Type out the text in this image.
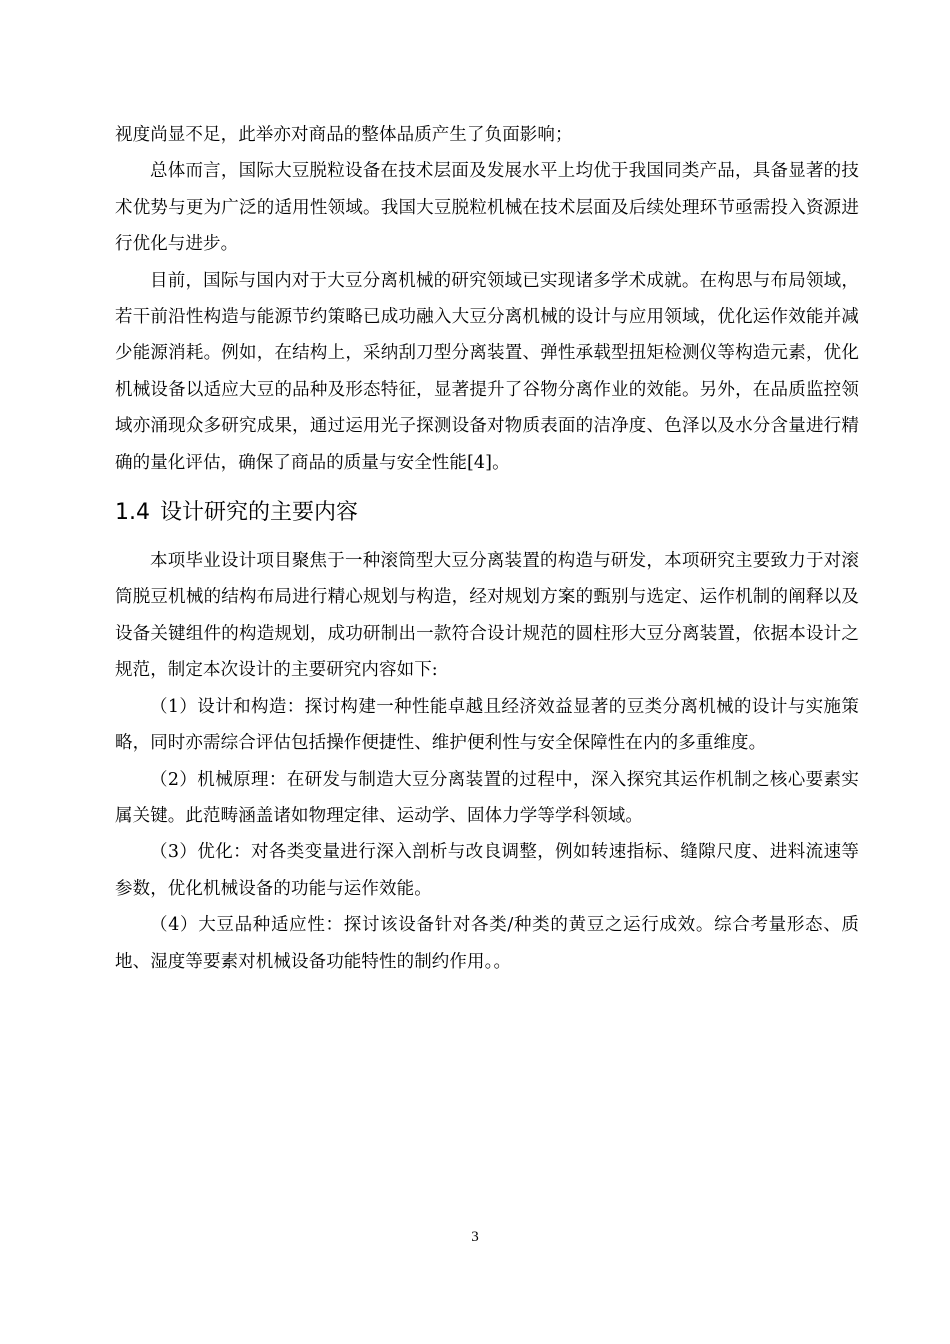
视度尚显不足，此举亦对商品的整体品质产生了负面影响；

总体而言，国际大豆脱粒设备在技术层面及发展水平上均优于我国同类产品，具备显著的技术优势与更为广泛的适用性领域。我国大豆脱粒机械在技术层面及后续处理环节亟需投入资源进行优化与进步。

目前，国际与国内对于大豆分离机械的研究领域已实现诸多学术成就。在构思与布局领域，若干前沿性构造与能源节约策略已成功融入大豆分离机械的设计与应用领域，优化运作效能并减少能源消耗。例如，在结构上，采纳刮刀型分离装置、弹性承载型扭矩检测仪等构造元素，优化机械设备以适应大豆的品种及形态特征，显著提升了谷物分离作业的效能。另外，在品质监控领域亦涌现众多研究成果，通过运用光子探测设备对物质表面的洁净度、色泽以及水分含量进行精确的量化评估，确保了商品的质量与安全性能[4]。

1.4 设计研究的主要内容

本项毕业设计项目聚焦于一种滚筒型大豆分离装置的构造与研发，本项研究主要致力于对滚筒脱豆机械的结构布局进行精心规划与构造，经对规划方案的甄别与选定、运作机制的阐释以及设备关键组件的构造规划，成功研制出一款符合设计规范的圆柱形大豆分离装置，依据本设计之规范，制定本次设计的主要研究内容如下:

（1）设计和构造：探讨构建一种性能卓越且经济效益显著的豆类分离机械的设计与实施策略，同时亦需综合评估包括操作便捷性、维护便利性与安全保障性在内的多重维度。

（2）机械原理：在研发与制造大豆分离装置的过程中，深入探究其运作机制之核心要素实属关键。此范畴涵盖诸如物理定律、运动学、固体力学等学科领域。

（3）优化：对各类变量进行深入剖析与改良调整，例如转速指标、缝隙尺度、进料流速等参数，优化机械设备的功能与运作效能。

（4）大豆品种适应性：探讨该设备针对各类/种类的黄豆之运行成效。综合考量形态、质地、湿度等要素对机械设备功能特性的制约作用。。

3
